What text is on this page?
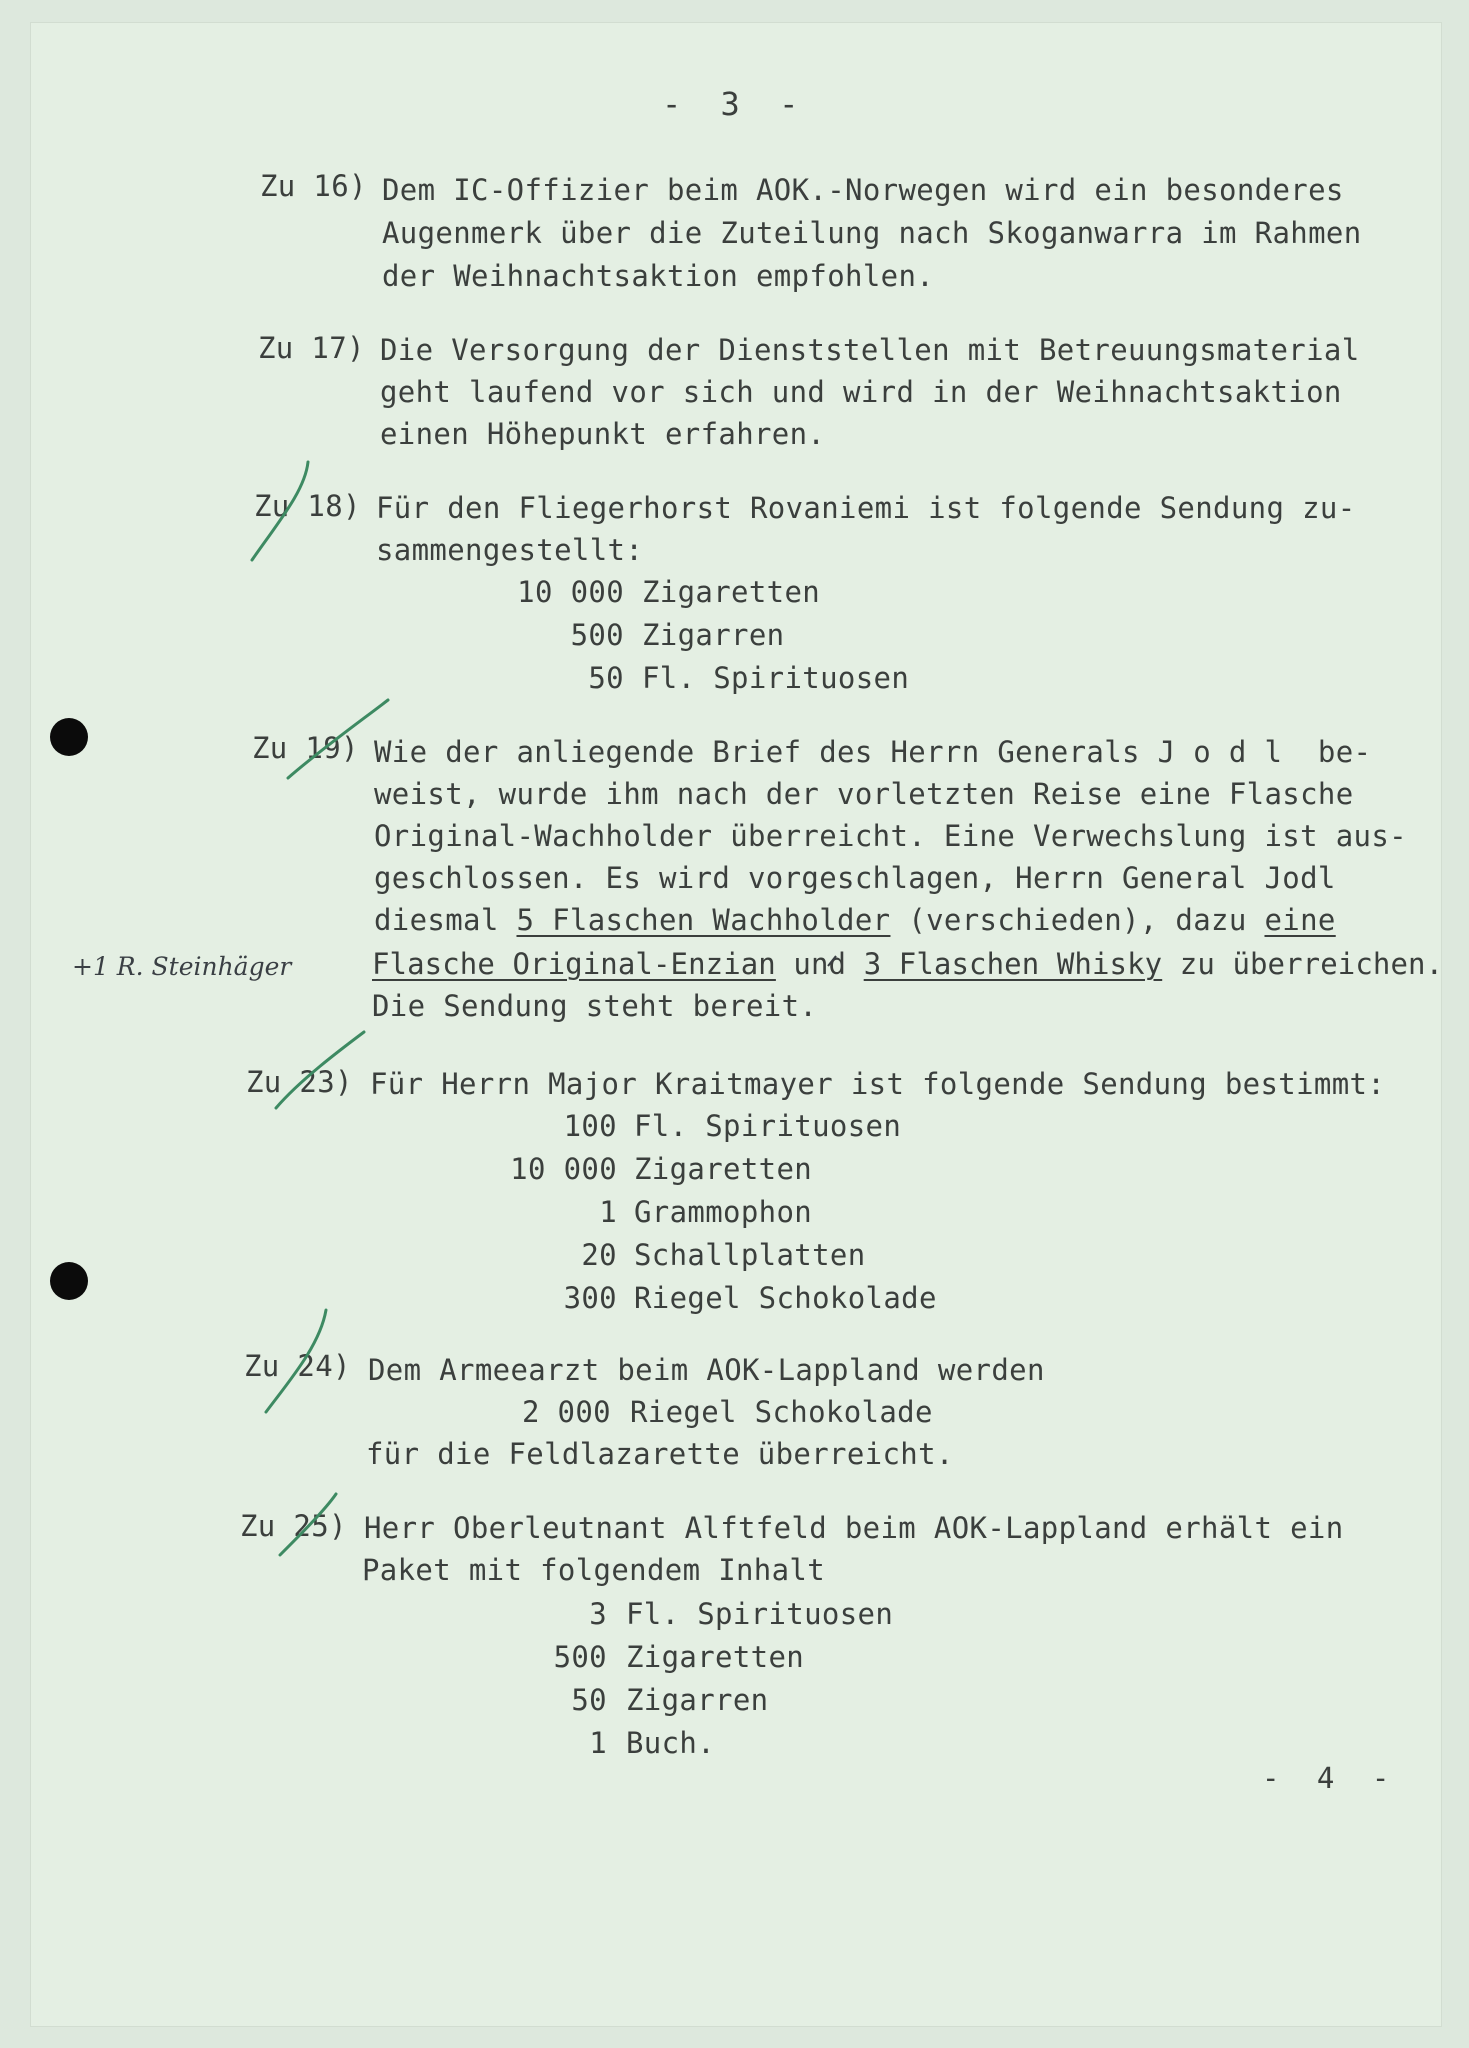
- 3 -
Zu 16) Dem IC-Offizier beim AOK.-Norwegen wird ein besonderes
Augenmerk über die Zuteilung nach Skoganwarra im Rahmen
der Weihnachtsaktion empfohlen.
Zu 17) Die Versorgung der Dienststellen mit Betreuungsmaterial
geht laufend vor sich und wird in der Weihnachtsaktion
einen Höhepunkt erfahren.
Zu 18) Für den Fliegerhorst Rovaniemi ist folgende Sendung zu-
sammengestellt:
10 000 Zigaretten
500 Zigarren
50 Fl. Spirituosen
Zu 19) Wie der anliegende Brief des Herrn Generals J o d l  be-
weist, wurde ihm nach der vorletzten Reise eine Flasche
Original-Wachholder überreicht. Eine Verwechslung ist aus-
geschlossen. Es wird vorgeschlagen, Herrn General Jodl
diesmal 5 Flaschen Wachholder (verschieden), dazu eine
Flasche Original-Enzian und 3 Flaschen Whisky zu überreichen.
Die Sendung steht bereit.
+1 R. Steinhäger
Zu 23) Für Herrn Major Kraitmayer ist folgende Sendung bestimmt:
100 Fl. Spirituosen
10 000 Zigaretten
1 Grammophon
20 Schallplatten
300 Riegel Schokolade
Zu 24) Dem Armeearzt beim AOK-Lappland werden
2 000 Riegel Schokolade
für die Feldlazarette überreicht.
Zu 25) Herr Oberleutnant Alftfeld beim AOK-Lappland erhält ein
Paket mit folgendem Inhalt
3 Fl. Spirituosen
500 Zigaretten
50 Zigarren
1 Buch.
- 4 -
